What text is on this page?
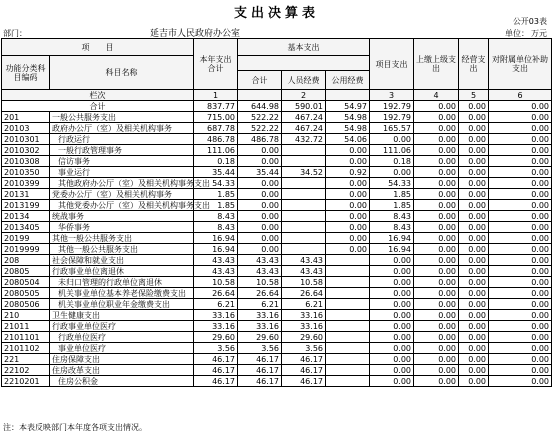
支出决算表
公开03表
部门：	延吉市人民政府办公室	单位： 万元
项　　目		本年支出合计	基本支出			项目支出	上缴上级支出	经营支出	对附属单位补助支出
功能分类科目编码	科目名称								
			合计	人员经费	公用经费				
栏次		1		2		3	4	5	6
合计		837.77	644.98	590.01	54.97	192.79	0.00	0.00	0.00
201	一般公共服务支出	715.00	522.22	467.24	54.98	192.79	0.00	0.00	0.00
20103	政府办公厅（室）及相关机构事务	687.78	522.22	467.24	54.98	165.57	0.00	0.00	0.00
2010301	行政运行	486.78	486.78	432.72	54.06	0.00	0.00	0.00	0.00
2010302	一般行政管理事务	111.06	0.00		0.00	111.06	0.00	0.00	0.00
2010308	信访事务	0.18	0.00		0.00	0.18	0.00	0.00	0.00
2010350	事业运行	35.44	35.44	34.52	0.92	0.00	0.00	0.00	0.00
2010399	其他政府办公厅（室）及相关机构事务支出	54.33	0.00		0.00	54.33	0.00	0.00	0.00
20131	党委办公厅（室）及相关机构事务	1.85	0.00		0.00	1.85	0.00	0.00	0.00
2013199	其他党委办公厅（室）及相关机构事务支出	1.85	0.00		0.00	1.85	0.00	0.00	0.00
20134	统战事务	8.43	0.00		0.00	8.43	0.00	0.00	0.00
2013405	华侨事务	8.43	0.00		0.00	8.43	0.00	0.00	0.00
20199	其他一般公共服务支出	16.94	0.00		0.00	16.94	0.00	0.00	0.00
2019999	其他一般公共服务支出	16.94	0.00		0.00	16.94	0.00	0.00	0.00
208	社会保障和就业支出	43.43	43.43	43.43		0.00	0.00	0.00	0.00
20805	行政事业单位离退休	43.43	43.43	43.43		0.00	0.00	0.00	0.00
2080504	未归口管理的行政单位离退休	10.58	10.58	10.58		0.00	0.00	0.00	0.00
2080505	机关事业单位基本养老保险缴费支出	26.64	26.64	26.64		0.00	0.00	0.00	0.00
2080506	机关事业单位职业年金缴费支出	6.21	6.21	6.21		0.00	0.00	0.00	0.00
210	卫生健康支出	33.16	33.16	33.16		0.00	0.00	0.00	0.00
21011	行政事业单位医疗	33.16	33.16	33.16		0.00	0.00	0.00	0.00
2101101	行政单位医疗	29.60	29.60	29.60		0.00	0.00	0.00	0.00
2101102	事业单位医疗	3.56	3.56	3.56		0.00	0.00	0.00	0.00
221	住房保障支出	46.17	46.17	46.17		0.00	0.00	0.00	0.00
22102	住房改革支出	46.17	46.17	46.17		0.00	0.00	0.00	0.00
2210201	住房公积金	46.17	46.17	46.17		0.00	0.00	0.00	0.00
注：本表反映部门本年度各项支出情况。
